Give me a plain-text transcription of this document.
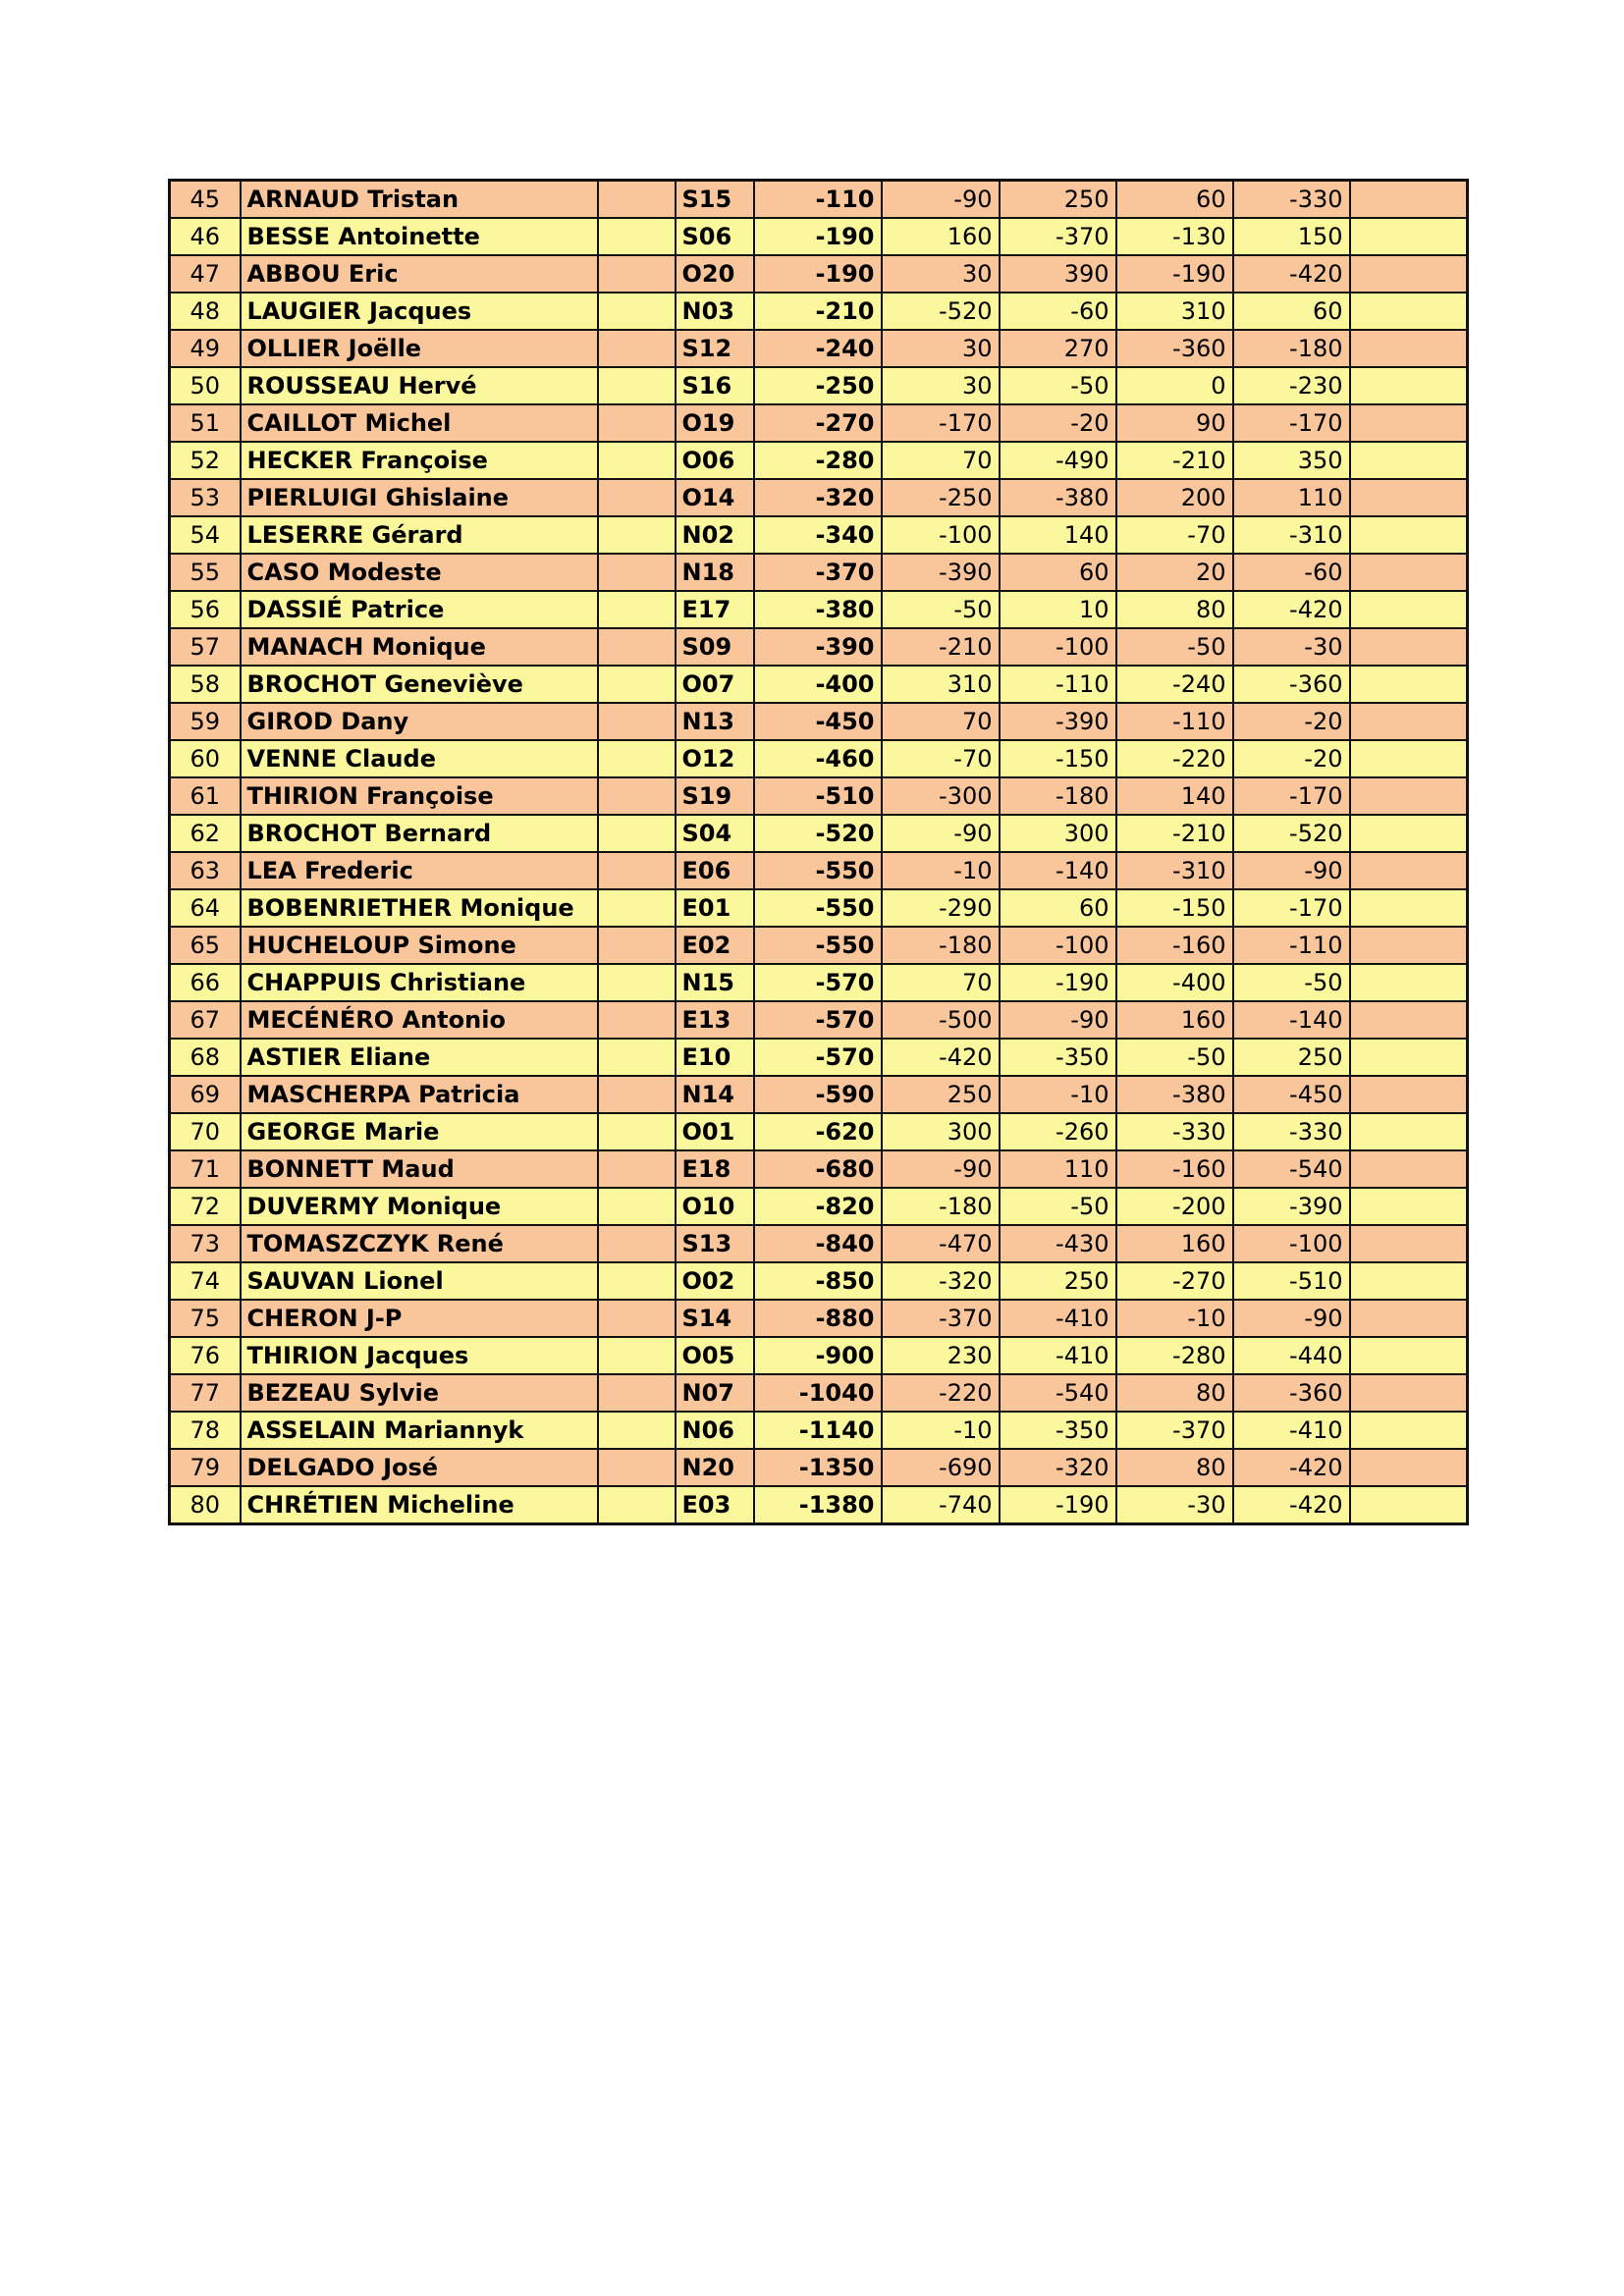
45	ARNAUD Tristan		S15	-110	-90	250	60	-330	
46	BESSE Antoinette		S06	-190	160	-370	-130	150	
47	ABBOU Eric		O20	-190	30	390	-190	-420	
48	LAUGIER Jacques		N03	-210	-520	-60	310	60	
49	OLLIER Joëlle		S12	-240	30	270	-360	-180	
50	ROUSSEAU Hervé		S16	-250	30	-50	0	-230	
51	CAILLOT Michel		O19	-270	-170	-20	90	-170	
52	HECKER Françoise		O06	-280	70	-490	-210	350	
53	PIERLUIGI Ghislaine		O14	-320	-250	-380	200	110	
54	LESERRE Gérard		N02	-340	-100	140	-70	-310	
55	CASO Modeste		N18	-370	-390	60	20	-60	
56	DASSIÉ Patrice		E17	-380	-50	10	80	-420	
57	MANACH Monique		S09	-390	-210	-100	-50	-30	
58	BROCHOT Geneviève		O07	-400	310	-110	-240	-360	
59	GIROD Dany		N13	-450	70	-390	-110	-20	
60	VENNE Claude		O12	-460	-70	-150	-220	-20	
61	THIRION Françoise		S19	-510	-300	-180	140	-170	
62	BROCHOT Bernard		S04	-520	-90	300	-210	-520	
63	LEA Frederic		E06	-550	-10	-140	-310	-90	
64	BOBENRIETHER Monique		E01	-550	-290	60	-150	-170	
65	HUCHELOUP Simone		E02	-550	-180	-100	-160	-110	
66	CHAPPUIS Christiane		N15	-570	70	-190	-400	-50	
67	MECÉNÉRO Antonio		E13	-570	-500	-90	160	-140	
68	ASTIER Eliane		E10	-570	-420	-350	-50	250	
69	MASCHERPA Patricia		N14	-590	250	-10	-380	-450	
70	GEORGE Marie		O01	-620	300	-260	-330	-330	
71	BONNETT Maud		E18	-680	-90	110	-160	-540	
72	DUVERMY Monique		O10	-820	-180	-50	-200	-390	
73	TOMASZCZYK René		S13	-840	-470	-430	160	-100	
74	SAUVAN Lionel		O02	-850	-320	250	-270	-510	
75	CHERON J-P		S14	-880	-370	-410	-10	-90	
76	THIRION Jacques		O05	-900	230	-410	-280	-440	
77	BEZEAU Sylvie		N07	-1040	-220	-540	80	-360	
78	ASSELAIN Mariannyk		N06	-1140	-10	-350	-370	-410	
79	DELGADO José		N20	-1350	-690	-320	80	-420	
80	CHRÉTIEN Micheline		E03	-1380	-740	-190	-30	-420	
